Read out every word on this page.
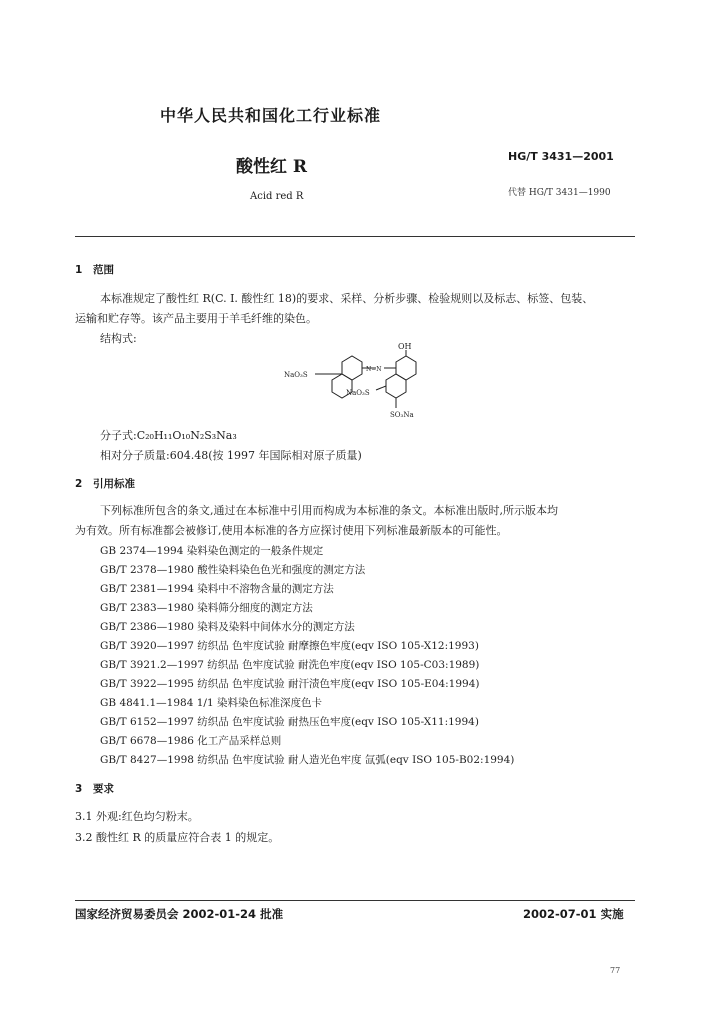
中华人民共和国化工行业标准
酸性红 R
Acid red R
HG/T 3431—2001
代替 HG/T 3431—1990
1 范围
本标准规定了酸性红 R(C. I. 酸性红 18)的要求、采样、分析步骤、检验规则以及标志、标签、包装、
运输和贮存等。该产品主要用于羊毛纤维的染色。
结构式:
OH
NaO₃S
N=N
NaO₃S
SO₃Na
分子式:C₂₀H₁₁O₁₀N₂S₃Na₃
相对分子质量:604.48(按 1997 年国际相对原子质量)
2 引用标准
下列标准所包含的条文,通过在本标准中引用而构成为本标准的条文。本标准出版时,所示版本均
为有效。所有标准都会被修订,使用本标准的各方应探讨使用下列标准最新版本的可能性。
GB 2374—1994 染料染色测定的一般条件规定
GB/T 2378—1980 酸性染料染色色光和强度的测定方法
GB/T 2381—1994 染料中不溶物含量的测定方法
GB/T 2383—1980 染料筛分细度的测定方法
GB/T 2386—1980 染料及染料中间体水分的测定方法
GB/T 3920—1997 纺织品 色牢度试验 耐摩擦色牢度(eqv ISO 105-X12:1993)
GB/T 3921.2—1997 纺织品 色牢度试验 耐洗色牢度(eqv ISO 105-C03:1989)
GB/T 3922—1995 纺织品 色牢度试验 耐汗渍色牢度(eqv ISO 105-E04:1994)
GB 4841.1—1984 1/1 染料染色标准深度色卡
GB/T 6152—1997 纺织品 色牢度试验 耐热压色牢度(eqv ISO 105-X11:1994)
GB/T 6678—1986 化工产品采样总则
GB/T 8427—1998 纺织品 色牢度试验 耐人造光色牢度 氙弧(eqv ISO 105-B02:1994)
3 要求
3.1 外观:红色均匀粉末。
3.2 酸性红 R 的质量应符合表 1 的规定。
国家经济贸易委员会 2002-01-24 批准	2002-07-01 实施
77
